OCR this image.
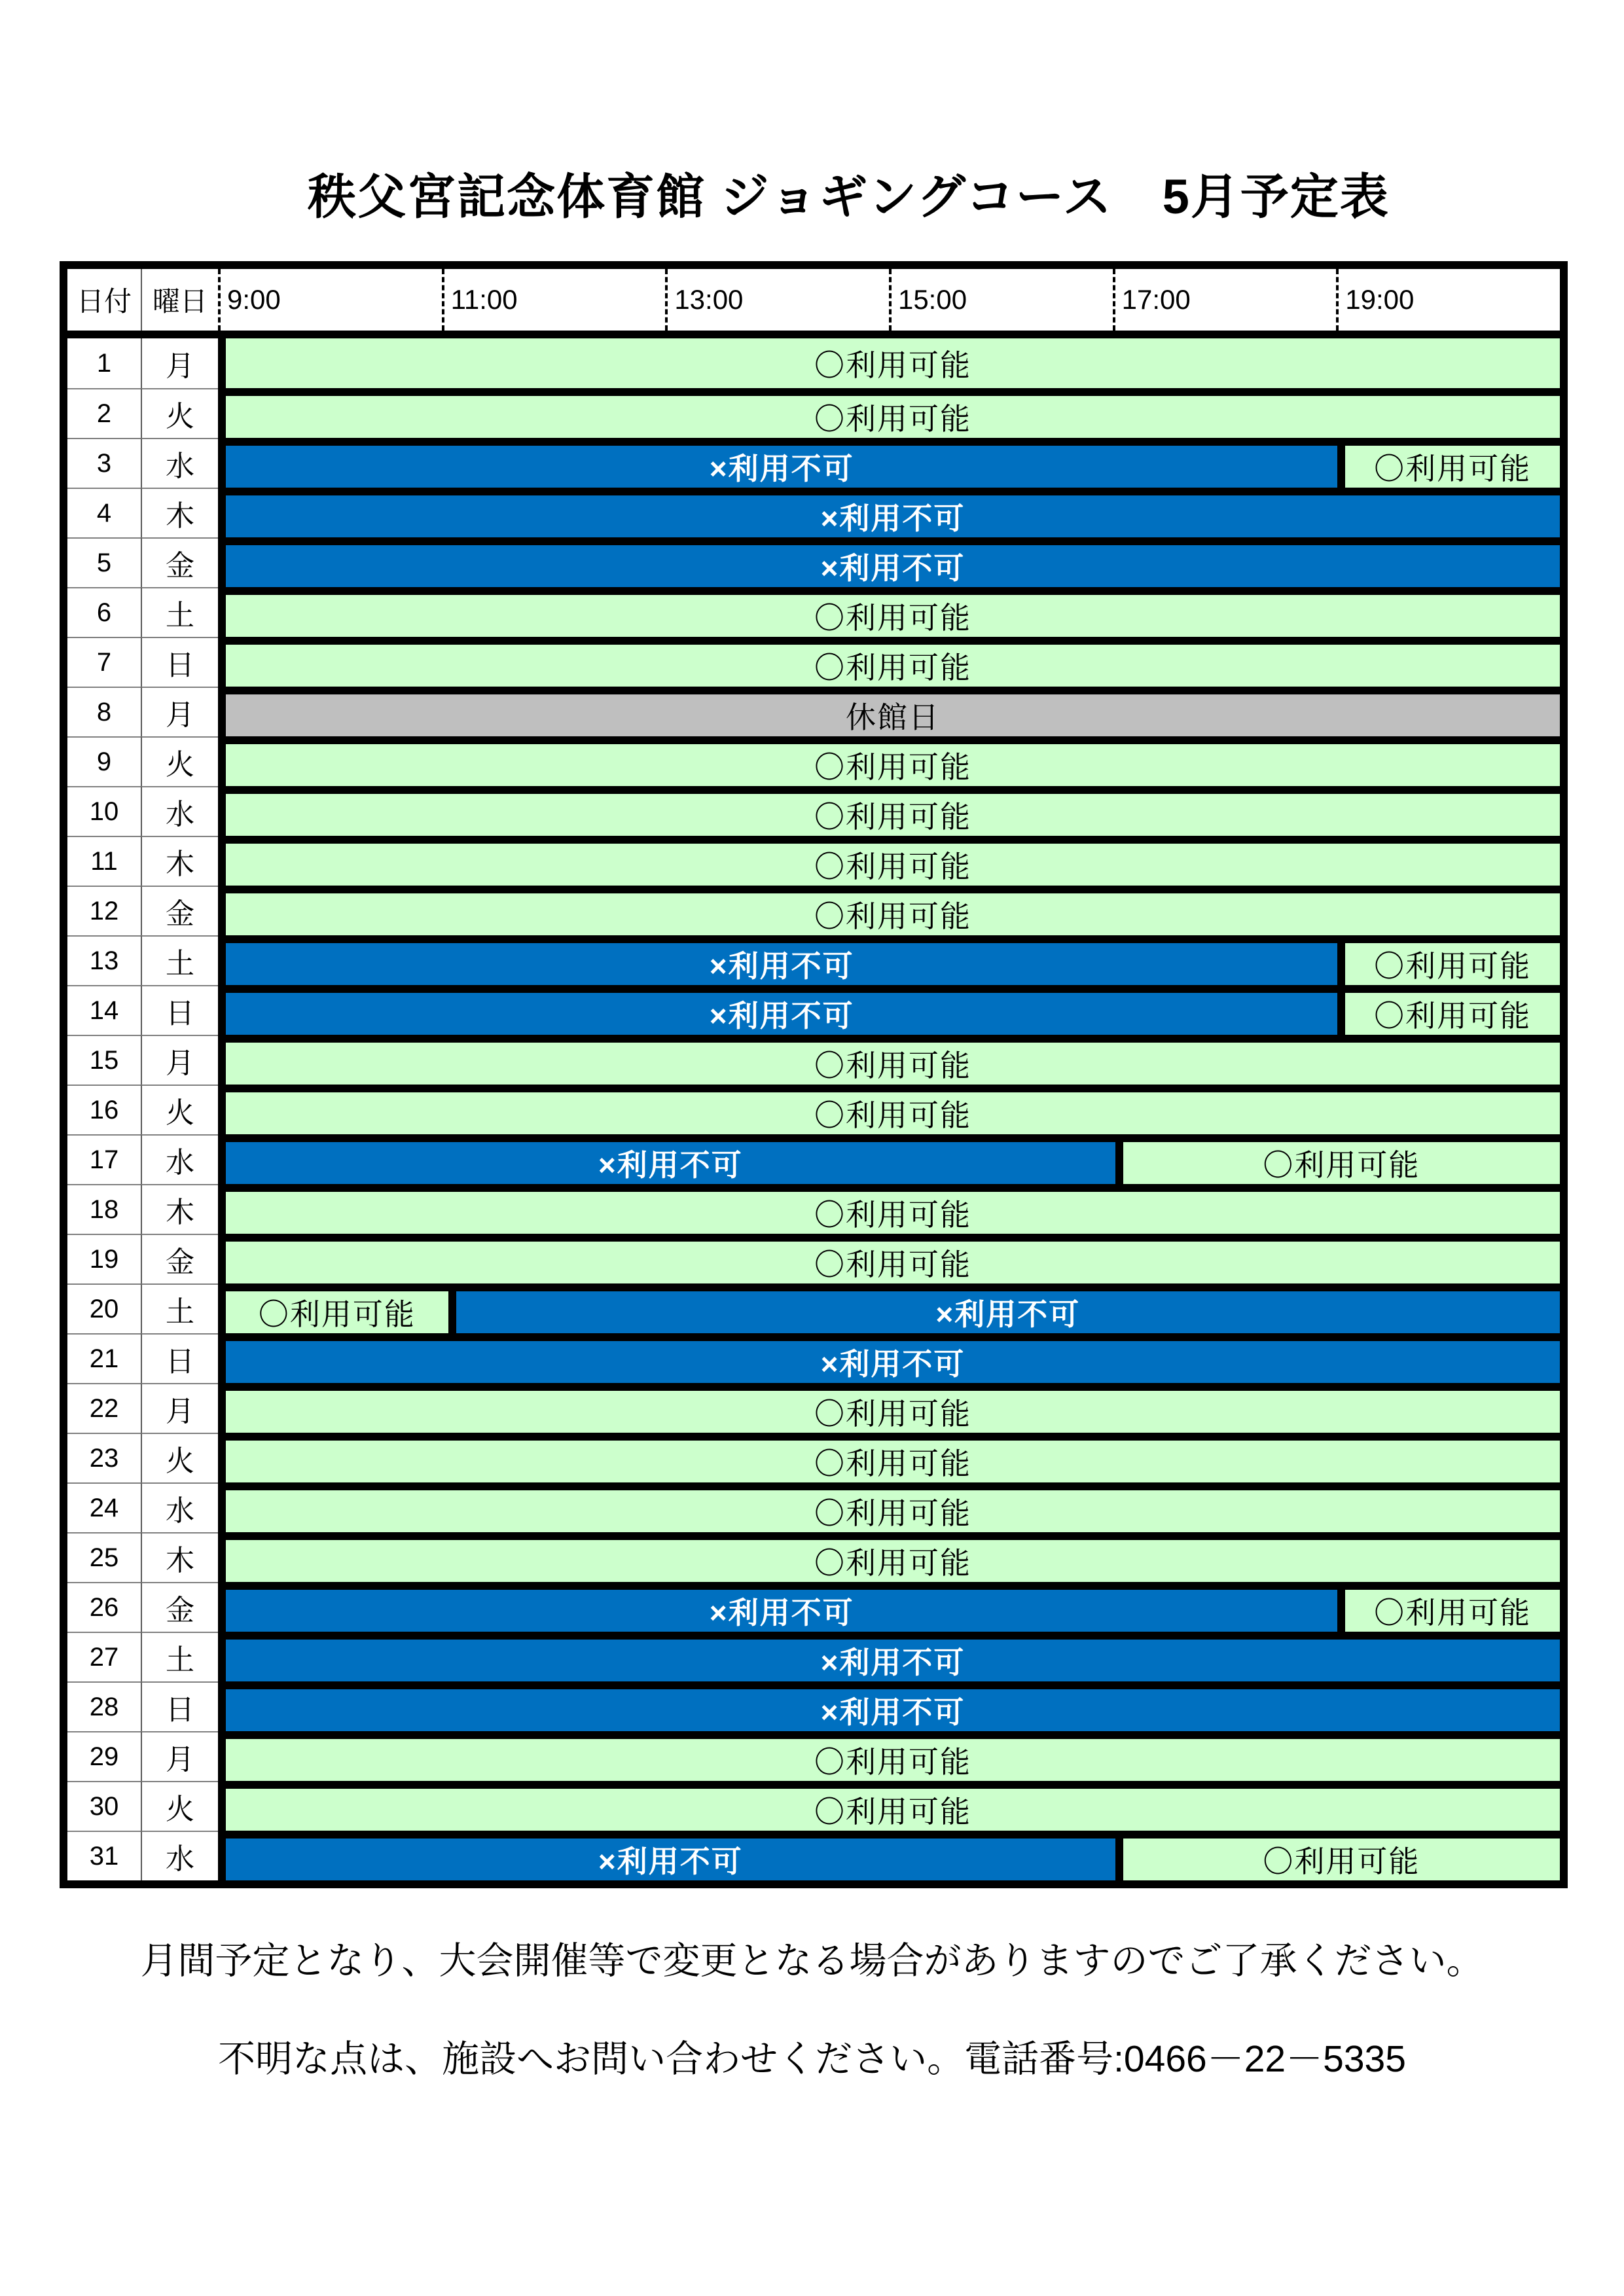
秩父宮記念体育館 ジョギングコース　5月予定表
日付 曜日 9:00	11:00	13:00	15:00	17:00	19:00
1	月	〇利用可能
2	火	〇利用可能
3	水	×利用不可	〇利用可能
4	木	×利用不可
5	金	×利用不可
6	土	〇利用可能
7	日	〇利用可能
8	月	休館日
9	火	〇利用可能
10	水	〇利用可能
11	木	〇利用可能
12	金	〇利用可能
13	土	×利用不可	〇利用可能
14	日	×利用不可	〇利用可能
15	月	〇利用可能
16	火	〇利用可能
17	水	×利用不可	〇利用可能
18	木	〇利用可能
19	金	〇利用可能
20	土	〇利用可能	×利用不可
21	日	×利用不可
22	月	〇利用可能
23	火	〇利用可能
24	水	〇利用可能
25	木	〇利用可能
26	金	×利用不可	〇利用可能
27	土	×利用不可
28	日	×利用不可
29	月	〇利用可能
30	火	〇利用可能
31	水	×利用不可	〇利用可能
月間予定となり、大会開催等で変更となる場合がありますのでご了承ください。
不明な点は、施設へお問い合わせください。電話番号:0466－22－5335
